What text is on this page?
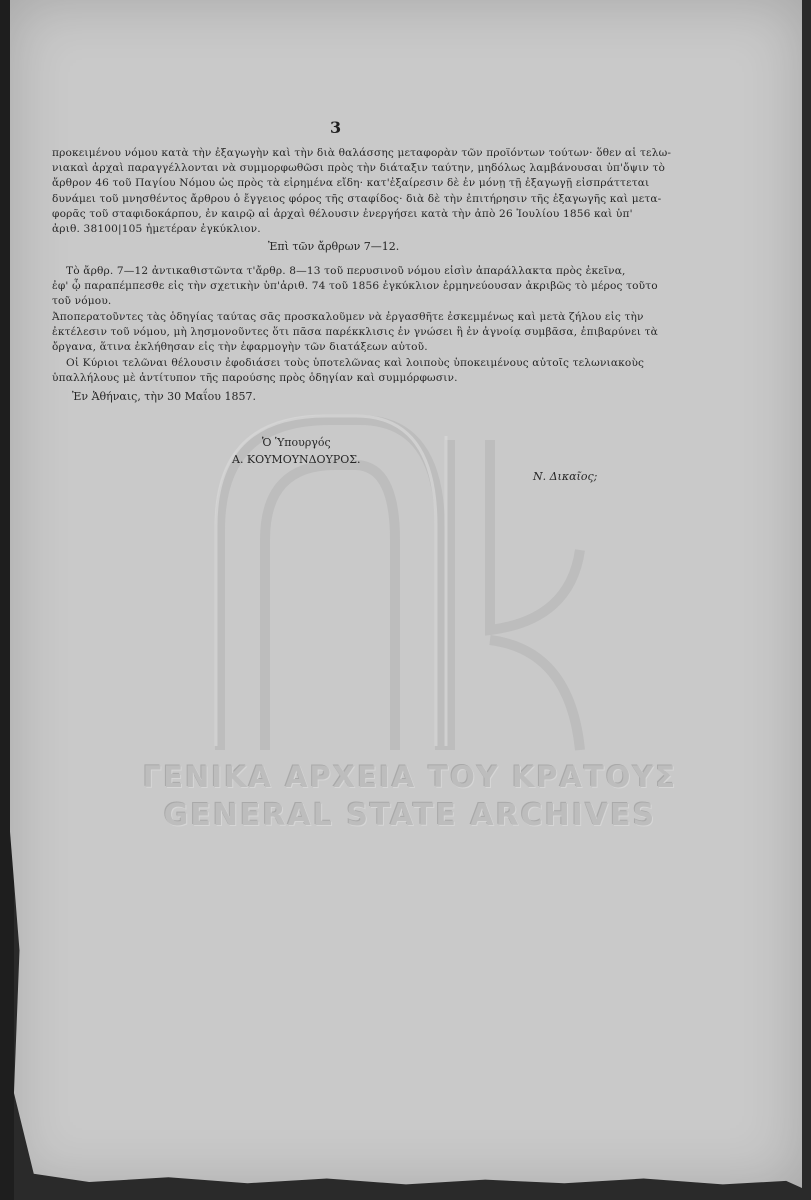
3
προκειμένου νόμου κατὰ τὴν ἐξαγωγὴν καὶ τὴν διὰ θαλάσσης μεταφορὰν τῶν προϊόντων τούτων· ὅθεν αἱ τελω-
νιακαὶ ἀρχαὶ παραγγέλλονται νὰ συμμορφωθῶσι πρὸς τὴν διάταξιν ταύτην, μηδόλως λαμβάνουσαι ὑπ'ὄψιν τὸ
ἄρθρον 46 τοῦ Παγίου Νόμου ὡς πρὸς τὰ εἰρημένα εἴδη· κατ'ἐξαίρεσιν δὲ ἐν μόνῃ τῇ ἐξαγωγῇ εἰσπράττεται
δυνάμει τοῦ μνησθέντος ἄρθρου ὁ ἔγγειος φόρος τῆς σταφίδος· διὰ δὲ τὴν ἐπιτήρησιν τῆς ἐξαγωγῆς καὶ μετα-
φορᾶς τοῦ σταφιδοκάρπου, ἐν καιρῷ αἱ ἀρχαὶ θέλουσιν ἐνεργήσει κατὰ τὴν ἀπὸ 26 Ἰουλίου 1856 καὶ ὑπ'
ἀριθ. 38100|105 ἡμετέραν ἐγκύκλιον.
Ἐπὶ τῶν ἄρθρων 7—12.
Τὸ ἄρθρ. 7—12 ἀντικαθιστῶντα τ'ἄρθρ. 8—13 τοῦ περυσινοῦ νόμου εἰσὶν ἀπαράλλακτα πρὸς ἐκεῖνα,
ἐφ' ᾧ παραπέμπεσθε εἰς τὴν σχετικὴν ὑπ'ἀριθ. 74 τοῦ 1856 ἐγκύκλιον ἑρμηνεύουσαν ἀκριβῶς τὸ μέρος τοῦτο
τοῦ νόμου.
Ἀποπερατοῦντες τὰς ὁδηγίας ταύτας σᾶς προσκαλοῦμεν νὰ ἐργασθῆτε ἐσκεμμένως καὶ μετὰ ζήλου εἰς τὴν
ἐκτέλεσιν τοῦ νόμου, μὴ λησμονοῦντες ὅτι πᾶσα παρέκκλισις ἐν γνώσει ἢ ἐν ἀγνοίᾳ συμβᾶσα, ἐπιβαρύνει τὰ
ὄργανα, ἅτινα ἐκλήθησαν εἰς τὴν ἐφαρμογὴν τῶν διατάξεων αὐτοῦ.
Οἱ Κύριοι τελῶναι θέλουσιν ἐφοδιάσει τοὺς ὑποτελῶνας καὶ λοιποὺς ὑποκειμένους αὐτοῖς τελωνιακοὺς
ὑπαλλήλους μὲ ἀντίτυπον τῆς παρούσης πρὸς ὁδηγίαν καὶ συμμόρφωσιν.
Ἐν Ἀθήναις, τὴν 30 Μαΐου 1857.
Ὁ Ὑπουργός
Α. ΚΟΥΜΟΥΝΔΟΥΡΟΣ.
Ν. Δικαῖος;
ΓΕΝΙΚΑ ΑΡΧΕΙΑ ΤΟΥ ΚΡΑΤΟΥΣ
GENERAL STATE ARCHIVES
